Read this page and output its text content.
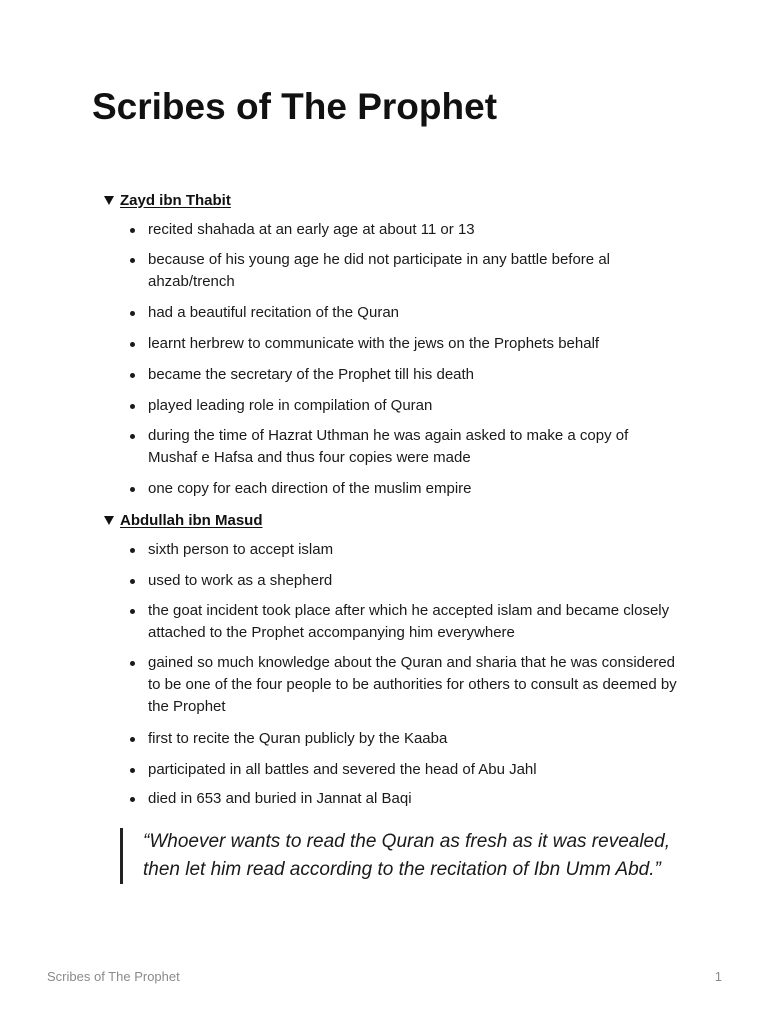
Scribes of The Prophet
Zayd ibn Thabit
recited shahada at an early age at about 11 or 13
because of his young age he did not participate in any battle before al ahzab/trench
had a beautiful recitation of the Quran
learnt herbrew to communicate with the jews on the Prophets behalf
became the secretary of the Prophet till his death
played leading role in compilation of Quran
during the time of Hazrat Uthman he was again asked to make a copy of Mushaf e Hafsa and thus four copies were made
one copy for each direction of the muslim empire
Abdullah ibn Masud
sixth person to accept islam
used to work as a shepherd
the goat incident took place after which he accepted islam and became closely attached to the Prophet accompanying him everywhere
gained so much knowledge about the Quran and sharia that he was considered to be one of the four people to be authorities for others to consult as deemed by the Prophet
first to recite the Quran publicly by the Kaaba
participated in all battles and severed the head of Abu Jahl
died in 653 and buried in Jannat al Baqi
“Whoever wants to read the Quran as fresh as it was revealed, then let him read according to the recitation of Ibn Umm Abd.”
Scribes of The Prophet	1
